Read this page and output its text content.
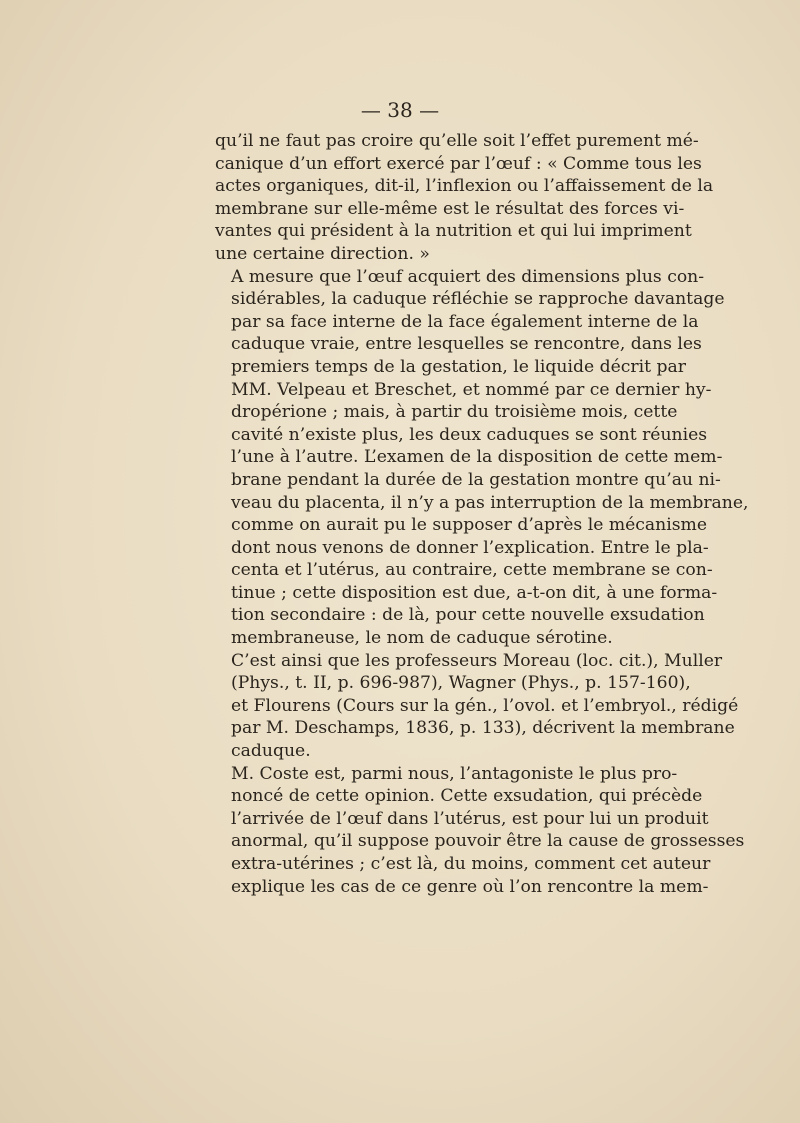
— 38 —
qu’il ne faut pas croire qu’elle soit l’effet purement mé-
canique d’un effort exercé par l’œuf : « Comme tous les
actes organiques, dit-il, l’inflexion ou l’affaissement de la
membrane sur elle-même est le résultat des forces vi-
vantes qui président à la nutrition et qui lui impriment
une certaine direction. »
A mesure que l’œuf acquiert des dimensions plus con-
sidérables, la caduque réfléchie se rapproche davantage
par sa face interne de la face également interne de la
caduque vraie, entre lesquelles se rencontre, dans les
premiers temps de la gestation, le liquide décrit par
MM. Velpeau et Breschet, et nommé par ce dernier hy-
dropérione ; mais, à partir du troisième mois, cette
cavité n’existe plus, les deux caduques se sont réunies
l’une à l’autre. L’examen de la disposition de cette mem-
brane pendant la durée de la gestation montre qu’au ni-
veau du placenta, il n’y a pas interruption de la membrane,
comme on aurait pu le supposer d’après le mécanisme
dont nous venons de donner l’explication. Entre le pla-
centa et l’utérus, au contraire, cette membrane se con-
tinue ; cette disposition est due, a-t-on dit, à une forma-
tion secondaire : de là, pour cette nouvelle exsudation
membraneuse, le nom de caduque sérotine.
C’est ainsi que les professeurs Moreau (loc. cit.), Muller
(Phys., t. II, p. 696-987), Wagner (Phys., p. 157-160),
et Flourens (Cours sur la gén., l’ovol. et l’embryol., rédigé
par M. Deschamps, 1836, p. 133), décrivent la membrane
caduque.
M. Coste est, parmi nous, l’antagoniste le plus pro-
noncé de cette opinion. Cette exsudation, qui précède
l’arrivée de l’œuf dans l’utérus, est pour lui un produit
anormal, qu’il suppose pouvoir être la cause de grossesses
extra-utérines ; c’est là, du moins, comment cet auteur
explique les cas de ce genre où l’on rencontre la mem-
